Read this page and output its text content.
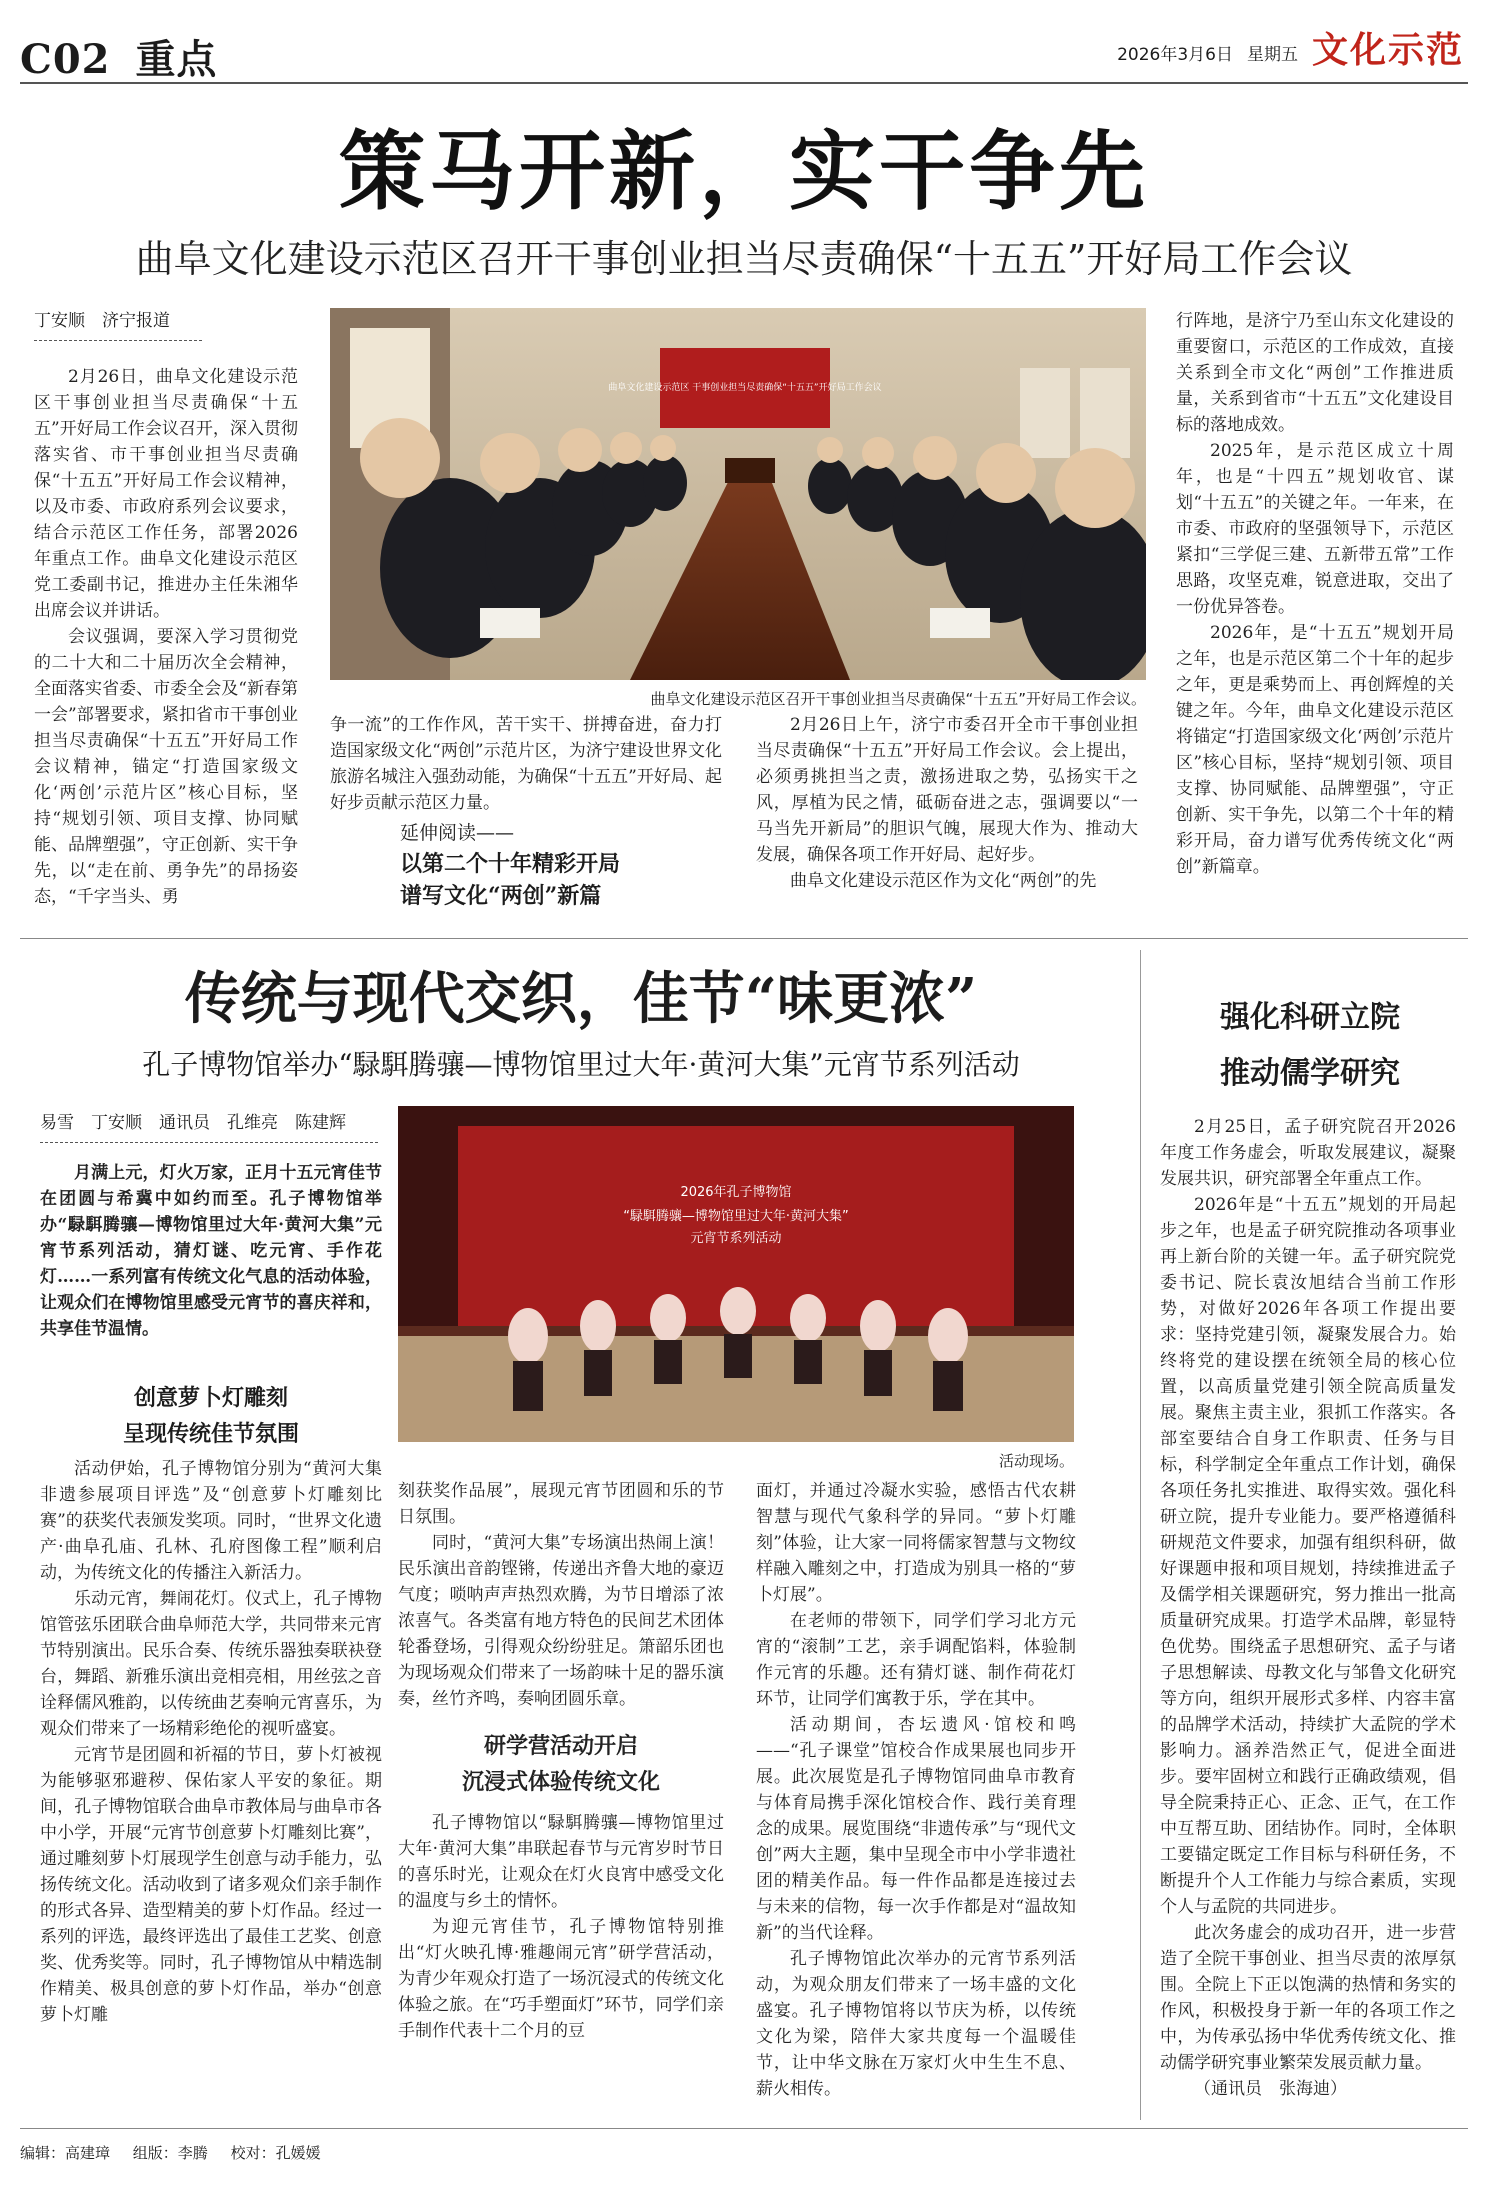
C02 重点	2026年3月6日 星期五 文化示范
策马开新，实干争先
曲阜文化建设示范区召开干事创业担当尽责确保“十五五”开好局工作会议
丁安顺　济宁报道

2月26日，曲阜文化建设示范区干事创业担当尽责确保“十五五”开好局工作会议召开，深入贯彻落实省、市干事创业担当尽责确保“十五五”开好局工作会议精神，以及市委、市政府系列会议要求，结合示范区工作任务，部署2026年重点工作。曲阜文化建设示范区党工委副书记，推进办主任朱湘华出席会议并讲话。

会议强调，要深入学习贯彻党的二十大和二十届历次全会精神，全面落实省委、市委全会及“新春第一会”部署要求，紧扣省市干事创业担当尽责确保“十五五”开好局工作会议精神，锚定“打造国家级文化‘两创’示范片区”核心目标，坚持“规划引领、项目支撑、协同赋能、品牌塑强”，守正创新、实干争先，以“走在前、勇争先”的昂扬姿态，“千字当头、勇

曲阜文化建设示范区 干事创业担当尽责确保“十五五”开好局工作会议
曲阜文化建设示范区召开干事创业担当尽责确保“十五五”开好局工作会议。
争一流”的工作作风，苦干实干、拼搏奋进，奋力打造国家级文化“两创”示范片区，为济宁建设世界文化旅游名城注入强劲动能，为确保“十五五”开好局、起好步贡献示范区力量。
延伸阅读——
以第二个十年精彩开局
谱写文化“两创”新篇

2月26日上午，济宁市委召开全市干事创业担当尽责确保“十五五”开好局工作会议。会上提出，必须勇挑担当之责，激扬进取之势，弘扬实干之风，厚植为民之情，砥砺奋进之志，强调要以“一马当先开新局”的胆识气魄，展现大作为、推动大发展，确保各项工作开好局、起好步。

曲阜文化建设示范区作为文化“两创”的先

行阵地，是济宁乃至山东文化建设的重要窗口，示范区的工作成效，直接关系到全市文化“两创”工作推进质量，关系到省市“十五五”文化建设目标的落地成效。

2025年，是示范区成立十周年，也是“十四五”规划收官、谋划“十五五”的关键之年。一年来，在市委、市政府的坚强领导下，示范区紧扣“三学促三建、五新带五常”工作思路，攻坚克难，锐意进取，交出了一份优异答卷。

2026年，是“十五五”规划开局之年，也是示范区第二个十年的起步之年，更是乘势而上、再创辉煌的关键之年。今年，曲阜文化建设示范区将锚定“打造国家级文化‘两创’示范片区”核心目标，坚持“规划引领、项目支撑、协同赋能、品牌塑强”，守正创新、实干争先，以第二个十年的精彩开局，奋力谱写优秀传统文化“两创”新篇章。

传统与现代交织，佳节“味更浓”
孔子博物馆举办“騄駬腾骧—博物馆里过大年·黄河大集”元宵节系列活动
易雪　丁安顺　通讯员　孔维亮　陈建辉

月满上元，灯火万家，正月十五元宵佳节在团圆与希冀中如约而至。孔子博物馆举办“騄駬腾骧—博物馆里过大年·黄河大集”元宵节系列活动，猜灯谜、吃元宵、手作花灯……一系列富有传统文化气息的活动体验，让观众们在博物馆里感受元宵节的喜庆祥和，共享佳节温情。

2026年孔子博物馆
“騄駬腾骧—博物馆里过大年·黄河大集”
元宵节系列活动
活动现场。
创意萝卜灯雕刻
呈现传统佳节氛围

活动伊始，孔子博物馆分别为“黄河大集非遗参展项目评选”及“创意萝卜灯雕刻比赛”的获奖代表颁发奖项。同时，“世界文化遗产·曲阜孔庙、孔林、孔府图像工程”顺利启动，为传统文化的传播注入新活力。

乐动元宵，舞闹花灯。仪式上，孔子博物馆管弦乐团联合曲阜师范大学，共同带来元宵节特别演出。民乐合奏、传统乐器独奏联袂登台，舞蹈、新雅乐演出竞相亮相，用丝弦之音诠释儒风雅韵，以传统曲艺奏响元宵喜乐，为观众们带来了一场精彩绝伦的视听盛宴。

元宵节是团圆和祈福的节日，萝卜灯被视为能够驱邪避秽、保佑家人平安的象征。期间，孔子博物馆联合曲阜市教体局与曲阜市各中小学，开展“元宵节创意萝卜灯雕刻比赛”，通过雕刻萝卜灯展现学生创意与动手能力，弘扬传统文化。活动收到了诸多观众们亲手制作的形式各异、造型精美的萝卜灯作品。经过一系列的评选，最终评选出了最佳工艺奖、创意奖、优秀奖等。同时，孔子博物馆从中精选制作精美、极具创意的萝卜灯作品，举办“创意萝卜灯雕

刻获奖作品展”，展现元宵节团圆和乐的节日氛围。

同时，“黄河大集”专场演出热闹上演！民乐演出音韵铿锵，传递出齐鲁大地的豪迈气度；唢呐声声热烈欢腾，为节日增添了浓浓喜气。各类富有地方特色的民间艺术团体轮番登场，引得观众纷纷驻足。箫韶乐团也为现场观众们带来了一场韵味十足的器乐演奏，丝竹齐鸣，奏响团圆乐章。

研学营活动开启
沉浸式体验传统文化

孔子博物馆以“騄駬腾骧—博物馆里过大年·黄河大集”串联起春节与元宵岁时节日的喜乐时光，让观众在灯火良宵中感受文化的温度与乡土的情怀。

为迎元宵佳节，孔子博物馆特别推出“灯火映孔博·雅趣闹元宵”研学营活动，为青少年观众打造了一场沉浸式的传统文化体验之旅。在“巧手塑面灯”环节，同学们亲手制作代表十二个月的豆

面灯，并通过冷凝水实验，感悟古代农耕智慧与现代气象科学的异同。“萝卜灯雕刻”体验，让大家一同将儒家智慧与文物纹样融入雕刻之中，打造成为别具一格的“萝卜灯展”。

在老师的带领下，同学们学习北方元宵的“滚制”工艺，亲手调配馅料，体验制作元宵的乐趣。还有猜灯谜、制作荷花灯环节，让同学们寓教于乐，学在其中。

活动期间，杏坛遗风·馆校和鸣——“孔子课堂”馆校合作成果展也同步开展。此次展览是孔子博物馆同曲阜市教育与体育局携手深化馆校合作、践行美育理念的成果。展览围绕“非遗传承”与“现代文创”两大主题，集中呈现全市中小学非遗社团的精美作品。每一件作品都是连接过去与未来的信物，每一次手作都是对“温故知新”的当代诠释。

孔子博物馆此次举办的元宵节系列活动，为观众朋友们带来了一场丰盛的文化盛宴。孔子博物馆将以节庆为桥，以传统文化为梁，陪伴大家共度每一个温暖佳节，让中华文脉在万家灯火中生生不息、薪火相传。

强化科研立院
推动儒学研究

2月25日，孟子研究院召开2026年度工作务虚会，听取发展建议，凝聚发展共识，研究部署全年重点工作。

2026年是“十五五”规划的开局起步之年，也是孟子研究院推动各项事业再上新台阶的关键一年。孟子研究院党委书记、院长袁汝旭结合当前工作形势，对做好2026年各项工作提出要求：坚持党建引领，凝聚发展合力。始终将党的建设摆在统领全局的核心位置，以高质量党建引领全院高质量发展。聚焦主责主业，狠抓工作落实。各部室要结合自身工作职责、任务与目标，科学制定全年重点工作计划，确保各项任务扎实推进、取得实效。强化科研立院，提升专业能力。要严格遵循科研规范文件要求，加强有组织科研，做好课题申报和项目规划，持续推进孟子及儒学相关课题研究，努力推出一批高质量研究成果。打造学术品牌，彰显特色优势。围绕孟子思想研究、孟子与诸子思想解读、母教文化与邹鲁文化研究等方向，组织开展形式多样、内容丰富的品牌学术活动，持续扩大孟院的学术影响力。涵养浩然正气，促进全面进步。要牢固树立和践行正确政绩观，倡导全院秉持正心、正念、正气，在工作中互帮互助、团结协作。同时，全体职工要锚定既定工作目标与科研任务，不断提升个人工作能力与综合素质，实现个人与孟院的共同进步。

此次务虚会的成功召开，进一步营造了全院干事创业、担当尽责的浓厚氛围。全院上下正以饱满的热情和务实的作风，积极投身于新一年的各项工作之中，为传承弘扬中华优秀传统文化、推动儒学研究事业繁荣发展贡献力量。

（通讯员　张海迪）
编辑：高建璋 组版：李腾 校对：孔媛媛
